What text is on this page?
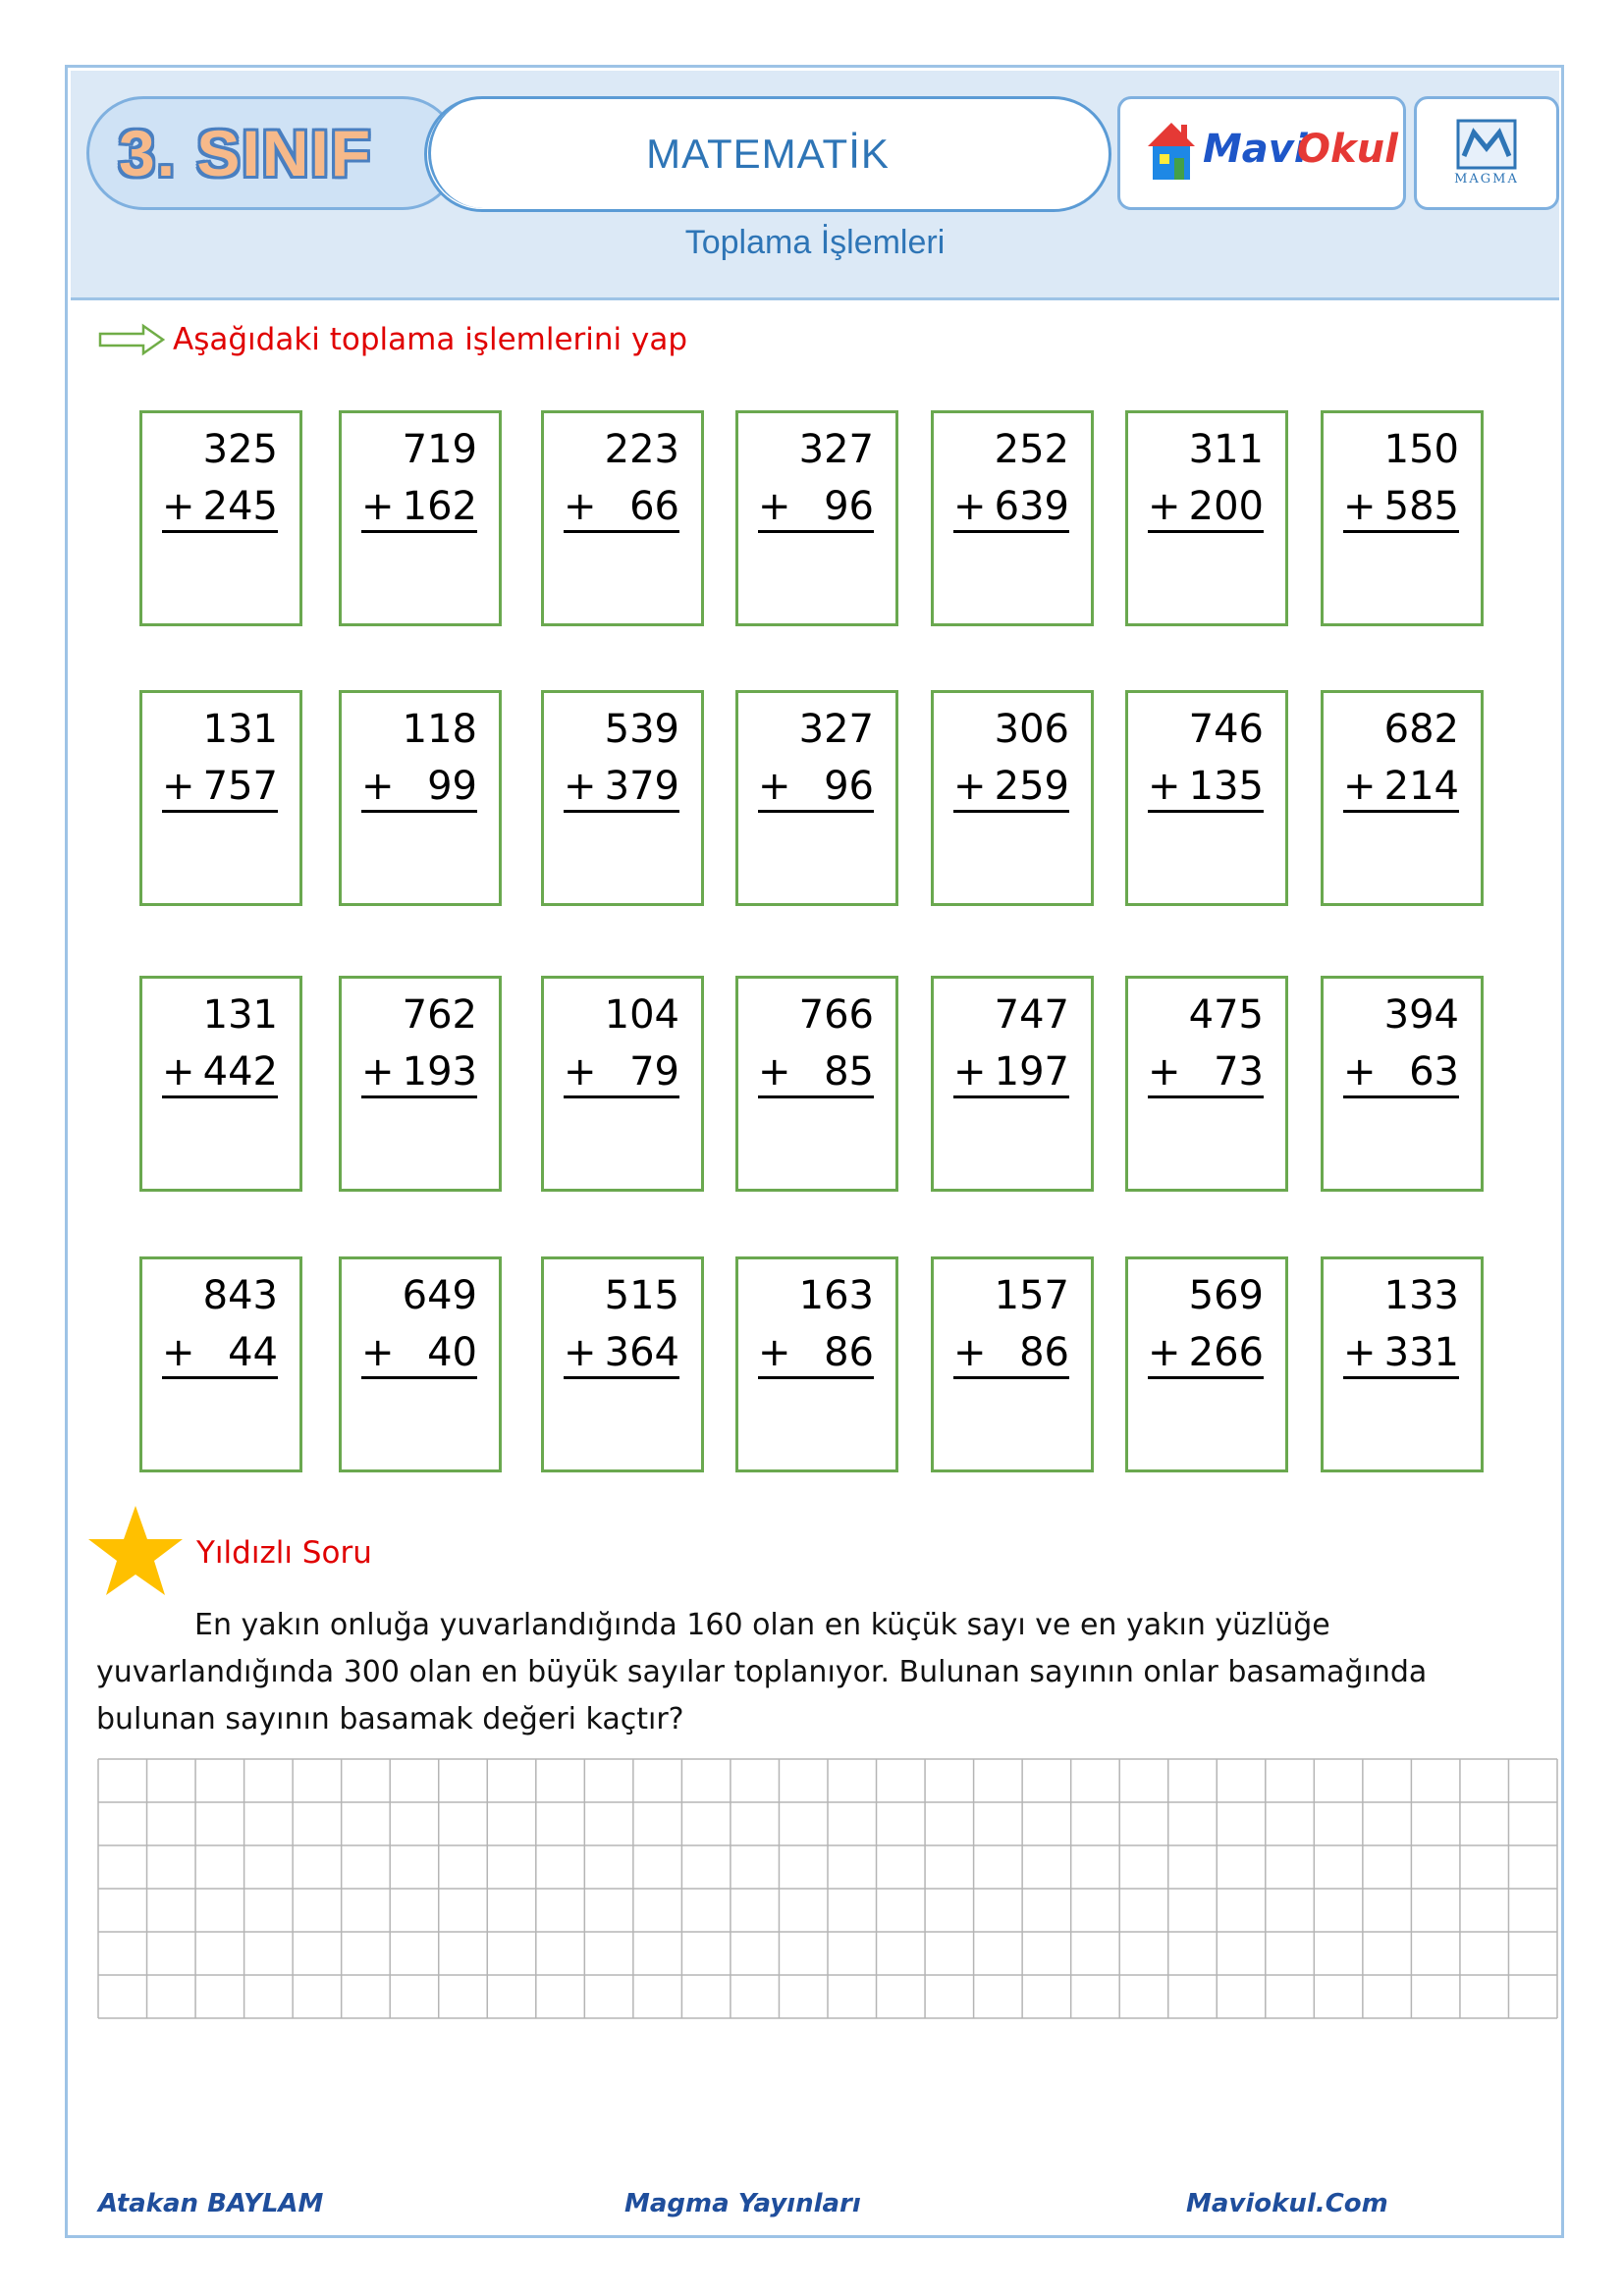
3. SINIF	MATEMATİK	Mavi
Okul
MAGMA
Toplama İşlemleri
Aşağıdaki toplama işlemlerini yap
325
+ 245
719
+ 162
223
+ 66
327
+ 96
252
+ 639
311
+ 200
150
+ 585
131
+ 757
118
+ 99
539
+ 379
327
+ 96
306
+ 259
746
+ 135
682
+ 214
131
+ 442
762
+ 193
104
+ 79
766
+ 85
747
+ 197
475
+ 73
394
+ 63
843
+ 44
649
+ 40
515
+ 364
163
+ 86
157
+ 86
569
+ 266
133
+ 331
Yıldızlı Soru
En yakın onluğa yuvarlandığında 160 olan en küçük sayı ve en yakın yüzlüğe yuvarlandığında 300 olan en büyük sayılar toplanıyor. Bulunan sayının onlar basamağında bulunan sayının basamak değeri kaçtır?
Atakan BAYLAM	Magma Yayınları	Maviokul.Com
